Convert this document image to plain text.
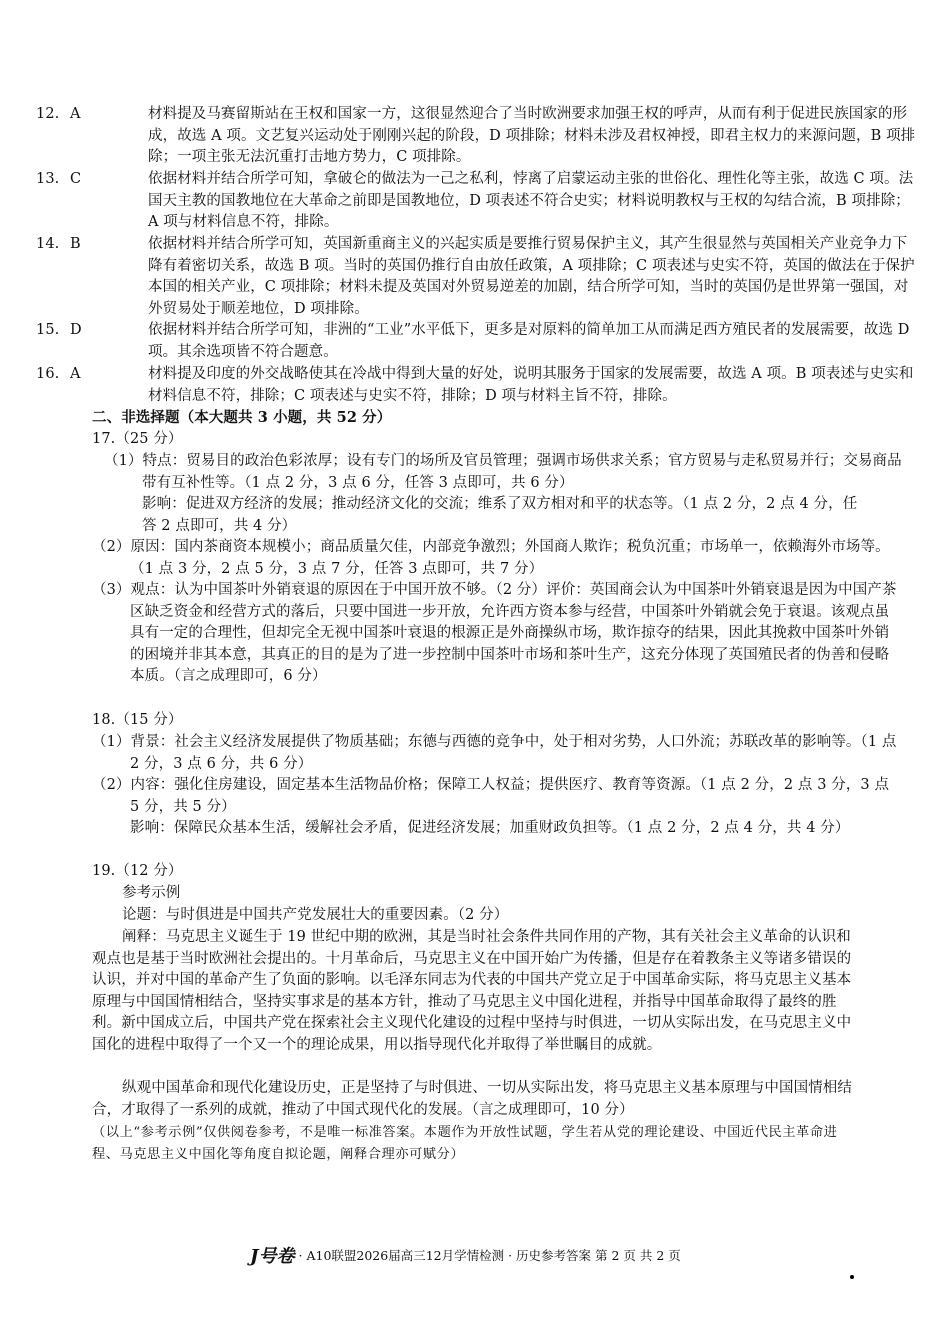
12. A	材料提及马赛留斯站在王权和国家一方，这很显然迎合了当时欧洲要求加强王权的呼声，从而有利于促进民族国家的形成，故选 A 项。文艺复兴运动处于刚刚兴起的阶段，D 项排除；材料未涉及君权神授，即君主权力的来源问题，B 项排除；一项主张无法沉重打击地方势力，C 项排除。

13. C	依据材料并结合所学可知，拿破仑的做法为一己之私利，悖离了启蒙运动主张的世俗化、理性化等主张，故选 C 项。法国天主教的国教地位在大革命之前即是国教地位，D 项表述不符合史实；材料说明教权与王权的勾结合流，B 项排除；A 项与材料信息不符，排除。

14. B	依据材料并结合所学可知，英国新重商主义的兴起实质是要推行贸易保护主义，其产生很显然与英国相关产业竞争力下降有着密切关系，故选 B 项。当时的英国仍推行自由放任政策，A 项排除；C 项表述与史实不符，英国的做法在于保护本国的相关产业，C 项排除；材料未提及英国对外贸易逆差的加剧，结合所学可知，当时的英国仍是世界第一强国，对外贸易处于顺差地位，D 项排除。

15. D	依据材料并结合所学可知，非洲的“工业”水平低下，更多是对原料的简单加工从而满足西方殖民者的发展需要，故选 D 项。其余选项皆不符合题意。

16. A	材料提及印度的外交战略使其在冷战中得到大量的好处，说明其服务于国家的发展需要，故选 A 项。B 项表述与史实和材料信息不符，排除；C 项表述与史实不符，排除；D 项与材料主旨不符，排除。

二、非选择题（本大题共 3 小题，共 52 分）

17.（25 分）

（1）特点：贸易目的政治色彩浓厚；设有专门的场所及官员管理；强调市场供求关系；官方贸易与走私贸易并行；交易商品带有互补性等。（1 点 2 分，3 点 6 分，任答 3 点即可，共 6 分）

影响：促进双方经济的发展；推动经济文化的交流；维系了双方相对和平的状态等。（1 点 2 分，2 点 4 分，任答 2 点即可，共 4 分）

（2）原因：国内茶商资本规模小；商品质量欠佳，内部竞争激烈；外国商人欺诈；税负沉重；市场单一，依赖海外市场等。（1 点 3 分，2 点 5 分，3 点 7 分，任答 3 点即可，共 7 分）

（3）观点：认为中国茶叶外销衰退的原因在于中国开放不够。（2 分）评价：英国商会认为中国茶叶外销衰退是因为中国产茶区缺乏资金和经营方式的落后，只要中国进一步开放，允许西方资本参与经营，中国茶叶外销就会免于衰退。该观点虽具有一定的合理性，但却完全无视中国茶叶衰退的根源正是外商操纵市场，欺诈掠夺的结果，因此其挽救中国茶叶外销的困境并非其本意，其真正的目的是为了进一步控制中国茶叶市场和茶叶生产，这充分体现了英国殖民者的伪善和侵略本质。（言之成理即可，6 分）

18.（15 分）

（1）背景：社会主义经济发展提供了物质基础；东德与西德的竞争中，处于相对劣势，人口外流；苏联改革的影响等。（1 点 2 分，3 点 6 分，共 6 分）

（2）内容：强化住房建设，固定基本生活物品价格；保障工人权益；提供医疗、教育等资源。（1 点 2 分，2 点 3 分，3 点 5 分，共 5 分）

影响：保障民众基本生活，缓解社会矛盾，促进经济发展；加重财政负担等。（1 点 2 分，2 点 4 分，共 4 分）

19.（12 分）

参考示例

论题：与时俱进是中国共产党发展壮大的重要因素。（2 分）

阐释：马克思主义诞生于 19 世纪中期的欧洲，其是当时社会条件共同作用的产物，其有关社会主义革命的认识和观点也是基于当时欧洲社会提出的。十月革命后，马克思主义在中国开始广为传播，但是存在着教条主义等诸多错误的认识，并对中国的革命产生了负面的影响。以毛泽东同志为代表的中国共产党立足于中国革命实际，将马克思主义基本原理与中国国情相结合，坚持实事求是的基本方针，推动了马克思主义中国化进程，并指导中国革命取得了最终的胜利。新中国成立后，中国共产党在探索社会主义现代化建设的过程中坚持与时俱进，一切从实际出发，在马克思主义中国化的进程中取得了一个又一个的理论成果，用以指导现代化并取得了举世瞩目的成就。

纵观中国革命和现代化建设历史，正是坚持了与时俱进、一切从实际出发，将马克思主义基本原理与中国国情相结合，才取得了一系列的成就，推动了中国式现代化的发展。（言之成理即可，10 分）

（以上“参考示例”仅供阅卷参考，不是唯一标准答案。本题作为开放性试题，学生若从党的理论建设、中国近代民主革命进程、马克思主义中国化等角度自拟论题，阐释合理亦可赋分）

J号卷 · A10联盟2026届高三12月学情检测 · 历史参考答案 第 2 页 共 2 页
